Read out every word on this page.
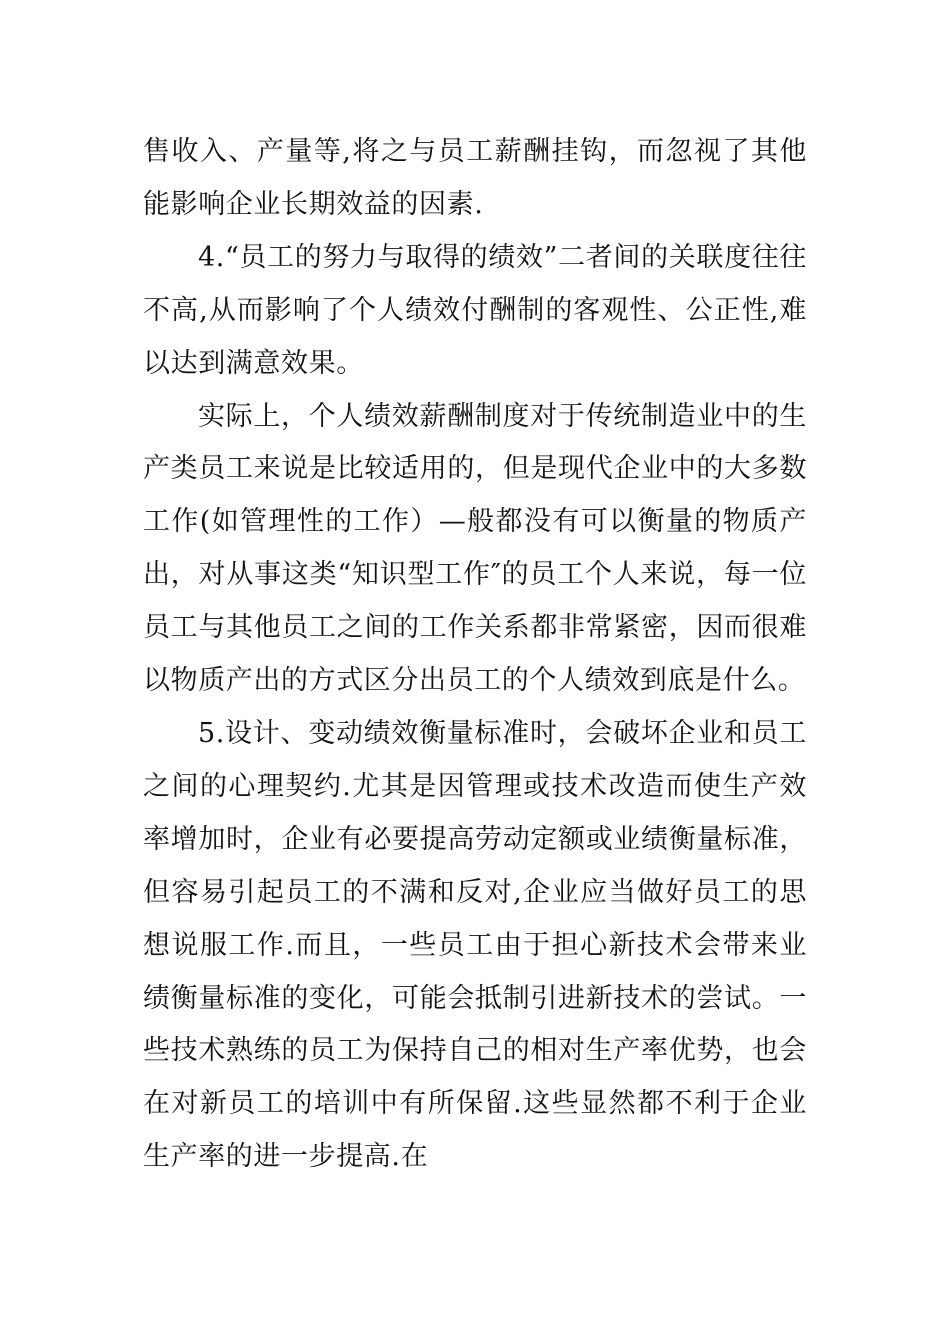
售收入、产量等,将之与员工薪酬挂钩，而忽视了其他能影响企业长期效益的因素.

4.“员工的努力与取得的绩效”二者间的关联度往往不高,从而影响了个人绩效付酬制的客观性、公正性,难以达到满意效果。

实际上，个人绩效薪酬制度对于传统制造业中的生产类员工来说是比较适用的，但是现代企业中的大多数工作(如管理性的工作）—般都没有可以衡量的物质产出，对从事这类“知识型工作″的员工个人来说，每一位员工与其他员工之间的工作关系都非常紧密，因而很难以物质产出的方式区分出员工的个人绩效到底是什么。

5.设计、变动绩效衡量标准时，会破坏企业和员工之间的心理契约.尤其是因管理或技术改造而使生产效率增加时，企业有必要提高劳动定额或业绩衡量标准，但容易引起员工的不满和反对,企业应当做好员工的思想说服工作.而且，一些员工由于担心新技术会带来业绩衡量标准的变化，可能会抵制引进新技术的尝试。一些技术熟练的员工为保持自己的相对生产率优势，也会在对新员工的培训中有所保留.这些显然都不利于企业生产率的进一步提高.在
